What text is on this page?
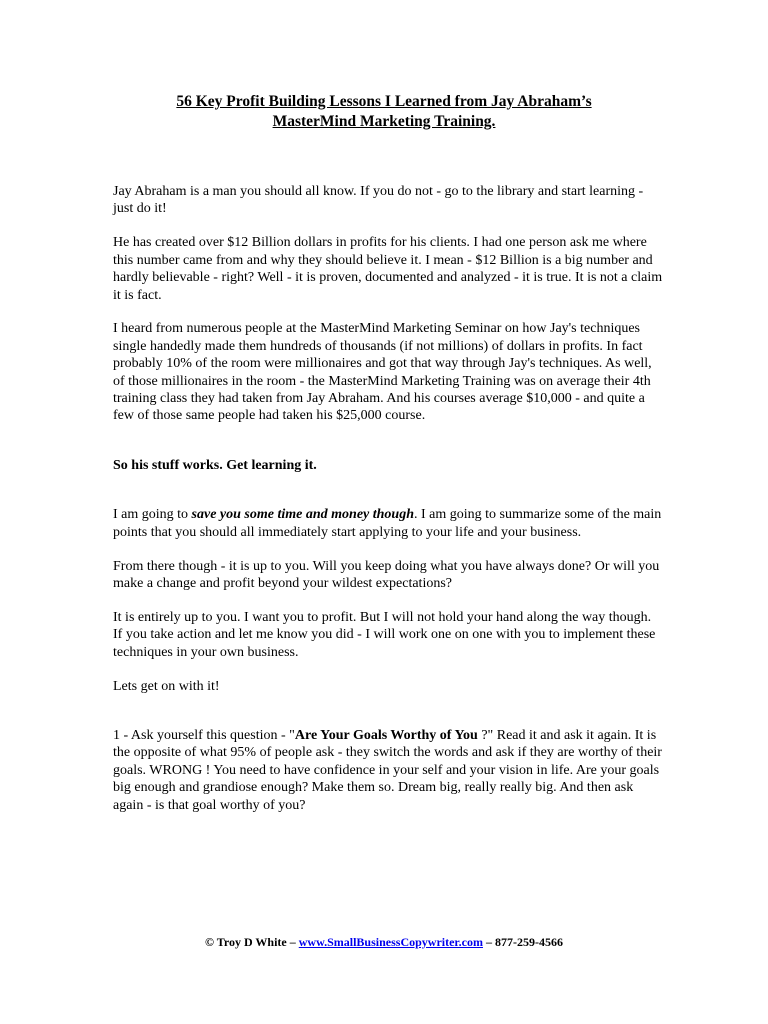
56 Key Profit Building Lessons I Learned from Jay Abraham’s
MasterMind Marketing Training.

Jay Abraham is a man you should all know. If you do not - go to the library and start learning - just do it!

He has created over $12 Billion dollars in profits for his clients. I had one person ask me where this number came from and why they should believe it. I mean - $12 Billion is a big number and hardly believable - right? Well - it is proven, documented and analyzed - it is true. It is not a claim it is fact.

I heard from numerous people at the MasterMind Marketing Seminar on how Jay's techniques single handedly made them hundreds of thousands (if not millions) of dollars in profits. In fact probably 10% of the room were millionaires and got that way through Jay's techniques. As well, of those millionaires in the room - the MasterMind Marketing Training was on average their 4th training class they had taken from Jay Abraham. And his courses average $10,000 - and quite a few of those same people had taken his $25,000 course.

So his stuff works. Get learning it.

I am going to save you some time and money though. I am going to summarize some of the main points that you should all immediately start applying to your life and your business.

From there though - it is up to you. Will you keep doing what you have always done? Or will you make a change and profit beyond your wildest expectations?

It is entirely up to you. I want you to profit. But I will not hold your hand along the way though. If you take action and let me know you did - I will work one on one with you to implement these techniques in your own business.

Lets get on with it!

1 - Ask yourself this question - "Are Your Goals Worthy of You ?" Read it and ask it again. It is the opposite of what 95% of people ask - they switch the words and ask if they are worthy of their goals. WRONG ! You need to have confidence in your self and your vision in life. Are your goals big enough and grandiose enough? Make them so. Dream big, really really big. And then ask again - is that goal worthy of you?

© Troy D White – www.SmallBusinessCopywriter.com – 877-259-4566
